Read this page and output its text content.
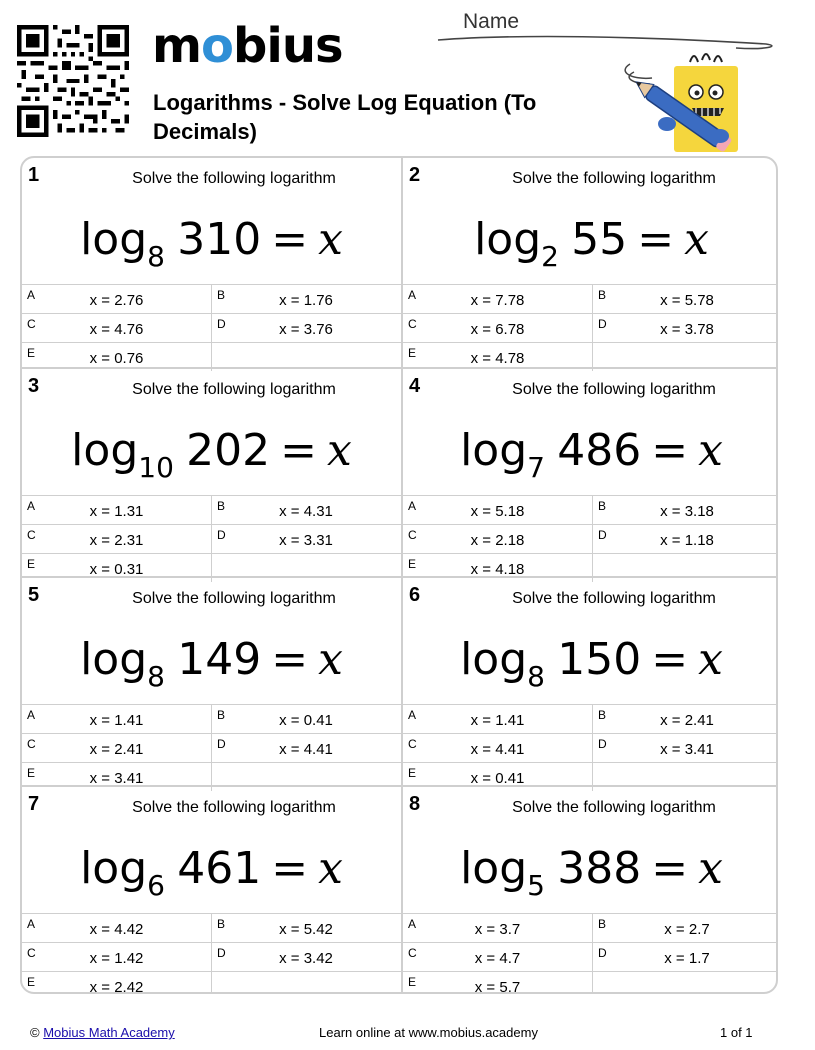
mobius
Logarithms - Solve Log Equation (To Decimals)
Name
1	Solve the following logarithm
$\log_8 310 = x$
A	x = 2.76	B	x = 1.76
C	x = 4.76	D	x = 3.76
E	x = 0.76
2	Solve the following logarithm
$\log_2 55 = x$
A	x = 7.78	B	x = 5.78
C	x = 6.78	D	x = 3.78
E	x = 4.78
3	Solve the following logarithm
$\log_{10} 202 = x$
A	x = 1.31	B	x = 4.31
C	x = 2.31	D	x = 3.31
E	x = 0.31
4	Solve the following logarithm
$\log_7 486 = x$
A	x = 5.18	B	x = 3.18
C	x = 2.18	D	x = 1.18
E	x = 4.18
5	Solve the following logarithm
$\log_8 149 = x$
A	x = 1.41	B	x = 0.41
C	x = 2.41	D	x = 4.41
E	x = 3.41
6	Solve the following logarithm
$\log_8 150 = x$
A	x = 1.41	B	x = 2.41
C	x = 4.41	D	x = 3.41
E	x = 0.41
7	Solve the following logarithm
$\log_6 461 = x$
A	x = 4.42	B	x = 5.42
C	x = 1.42	D	x = 3.42
E	x = 2.42
8	Solve the following logarithm
$\log_5 388 = x$
A	x = 3.7	B	x = 2.7
C	x = 4.7	D	x = 1.7
E	x = 5.7
© Mobius Math Academy	Learn online at www.mobius.academy	1 of 1
